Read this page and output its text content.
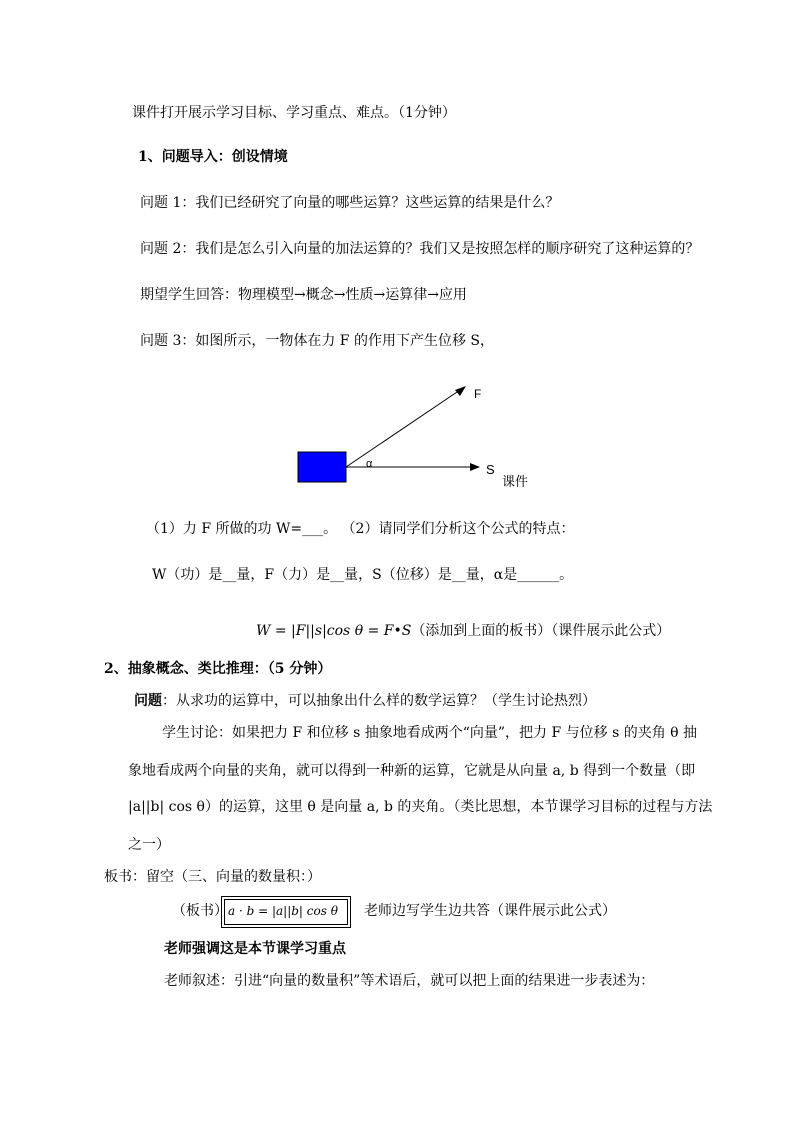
课件打开展示学习目标、学习重点、难点。（1分钟）
1、问题导入：创设情境
问题 1：我们已经研究了向量的哪些运算？这些运算的结果是什么？
问题 2：我们是怎么引入向量的加法运算的？我们又是按照怎样的顺序研究了这种运算的？
期望学生回答：物理模型→概念→性质→运算律→应用
问题 3：如图所示，一物体在力 F 的作用下产生位移 S，
F
S
α
课件
（1）力 F 所做的功 W=___。 （2）请同学们分析这个公式的特点：
W（功）是__量，F（力）是__量，S（位移）是__量，α是______。
W = |F||s|cos θ = F•S（添加到上面的板书）（课件展示此公式）
2、抽象概念、类比推理：（5 分钟）
问题：从求功的运算中，可以抽象出什么样的数学运算？（学生讨论热烈）
学生讨论：如果把力 F 和位移 s 抽象地看成两个“向量”，把力 F 与位移 s 的夹角 θ 抽
象地看成两个向量的夹角，就可以得到一种新的运算，它就是从向量 a, b 得到一个数量（即
|a||b| cos θ）的运算，这里 θ 是向量 a, b 的夹角。（类比思想，本节课学习目标的过程与方法
之一）
板书：留空（三、向量的数量积：）
（板书） a · b = |a||b| cos θ 老师边写学生边共答（课件展示此公式）
老师强调这是本节课学习重点
老师叙述：引进“向量的数量积”等术语后，就可以把上面的结果进一步表述为：
